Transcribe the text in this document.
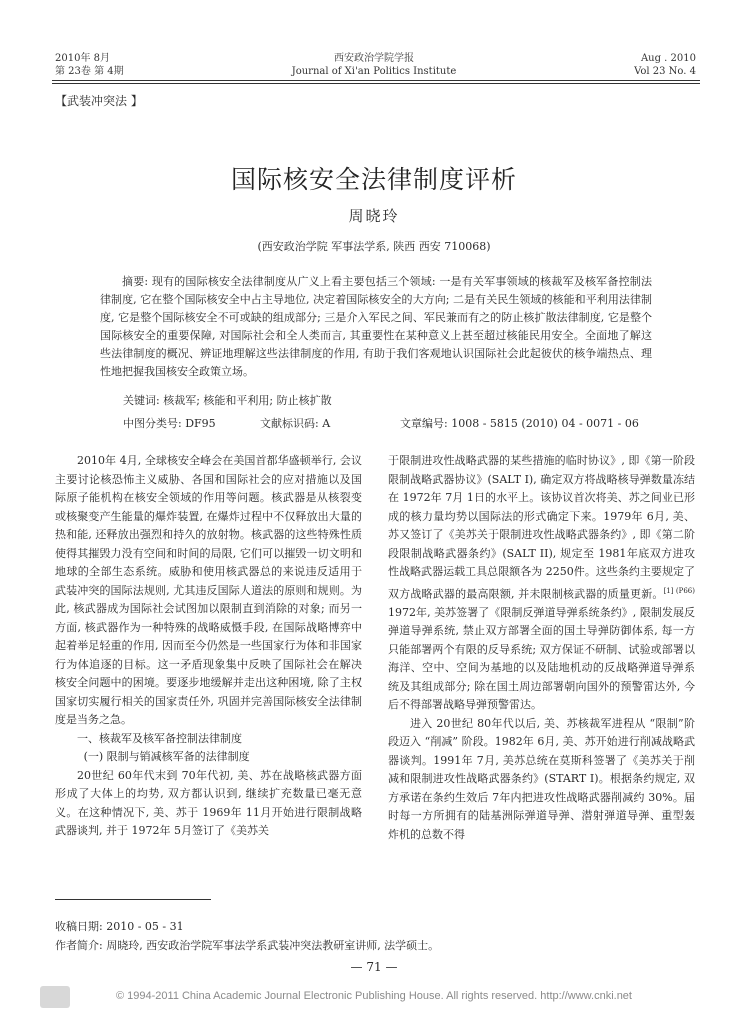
2010年 8月
第 23卷 第 4期
西安政治学院学报
Journal of Xi'an Politics Institute
Aug . 2010
Vol 23 No. 4
【武装冲突法 】
国际核安全法律制度评析
周晓玲
(西安政治学院 军事法学系, 陕西 西安 710068)
摘要: 现有的国际核安全法律制度从广义上看主要包括三个领域: 一是有关军事领域的核裁军及核军备控制法律制度, 它在整个国际核安全中占主导地位, 决定着国际核安全的大方向; 二是有关民生领域的核能和平利用法律制度, 它是整个国际核安全不可或缺的组成部分; 三是介入军民之间、军民兼而有之的防止核扩散法律制度, 它是整个国际核安全的重要保障, 对国际社会和全人类而言, 其重要性在某种意义上甚至超过核能民用安全。全面地了解这些法律制度的概况、辨证地理解这些法律制度的作用, 有助于我们客观地认识国际社会此起彼伏的核争端热点、理性地把握我国核安全政策立场。
关键词: 核裁军; 核能和平利用; 防止核扩散
中图分类号: DF95	文献标识码: A	文章编号: 1008 - 5815 (2010) 04 - 0071 - 06

2010年 4月, 全球核安全峰会在美国首都华盛顿举行, 会议主要讨论核恐怖主义威胁、各国和国际社会的应对措施以及国际原子能机构在核安全领域的作用等问题。核武器是从核裂变或核聚变产生能量的爆炸装置, 在爆炸过程中不仅释放出大量的热和能, 还释放出强烈和持久的放射物。核武器的这些特殊性质使得其摧毁力没有空间和时间的局限, 它们可以摧毁一切文明和地球的全部生态系统。威胁和使用核武器总的来说违反适用于武装冲突的国际法规则, 尤其违反国际人道法的原则和规则。为此, 核武器成为国际社会试图加以限制直到消除的对象; 而另一方面, 核武器作为一种特殊的战略威慑手段, 在国际战略博弈中起着举足轻重的作用, 因而至今仍然是一些国家行为体和非国家行为体追逐的目标。这一矛盾现象集中反映了国际社会在解决核安全问题中的困境。要逐步地缓解并走出这种困境, 除了主权国家切实履行相关的国家责任外, 巩固并完善国际核安全法律制度是当务之急。

一、核裁军及核军备控制法律制度

(一) 限制与销减核军备的法律制度

20世纪 60年代末到 70年代初, 美、苏在战略核武器方面形成了大体上的均势, 双方都认识到, 继续扩充数量已毫无意义。在这种情况下, 美、苏于 1969年 11月开始进行限制战略武器谈判, 并于 1972年 5月签订了《美苏关

于限制进攻性战略武器的某些措施的临时协议》, 即《第一阶段限制战略武器协议》(SALT I), 确定双方将战略核导弹数量冻结在 1972年 7月 1日的水平上。该协议首次将美、苏之间业已形成的核力量均势以国际法的形式确定下来。1979年 6月, 美、苏又签订了《美苏关于限制进攻性战略武器条约》, 即《第二阶段限制战略武器条约》(SALT II), 规定至 1981年底双方进攻性战略武器运载工具总限额各为 2250件。这些条约主要规定了双方战略武器的最高限额, 并未限制核武器的质量更新。$^{[1] (P66)}$ 1972年, 美苏签署了《限制反弹道导弹系统条约》, 限制发展反弹道导弹系统, 禁止双方部署全面的国土导弹防御体系, 每一方只能部署两个有限的反导系统; 双方保证不研制、试验或部署以海洋、空中、空间为基地的以及陆地机动的反战略弹道导弹系统及其组成部分; 除在国土周边部署朝向国外的预警雷达外, 今后不得部署战略导弹预警雷达。

进入 20世纪 80年代以后, 美、苏核裁军进程从 “限制”阶段迈入 “削减” 阶段。1982年 6月, 美、苏开始进行削减战略武器谈判。1991年 7月, 美苏总统在莫斯科签署了《美苏关于削减和限制进攻性战略武器条约》(START I)。根据条约规定, 双方承诺在条约生效后 7年内把进攻性战略武器削减约 30%。届时每一方所拥有的陆基洲际弹道导弹、潜射弹道导弹、重型轰炸机的总数不得

收稿日期: 2010 - 05 - 31
作者简介: 周晓玲, 西安政治学院军事法学系武装冲突法教研室讲师, 法学硕士。
— 71 —
© 1994-2011 China Academic Journal Electronic Publishing House. All rights reserved. http://www.cnki.net
